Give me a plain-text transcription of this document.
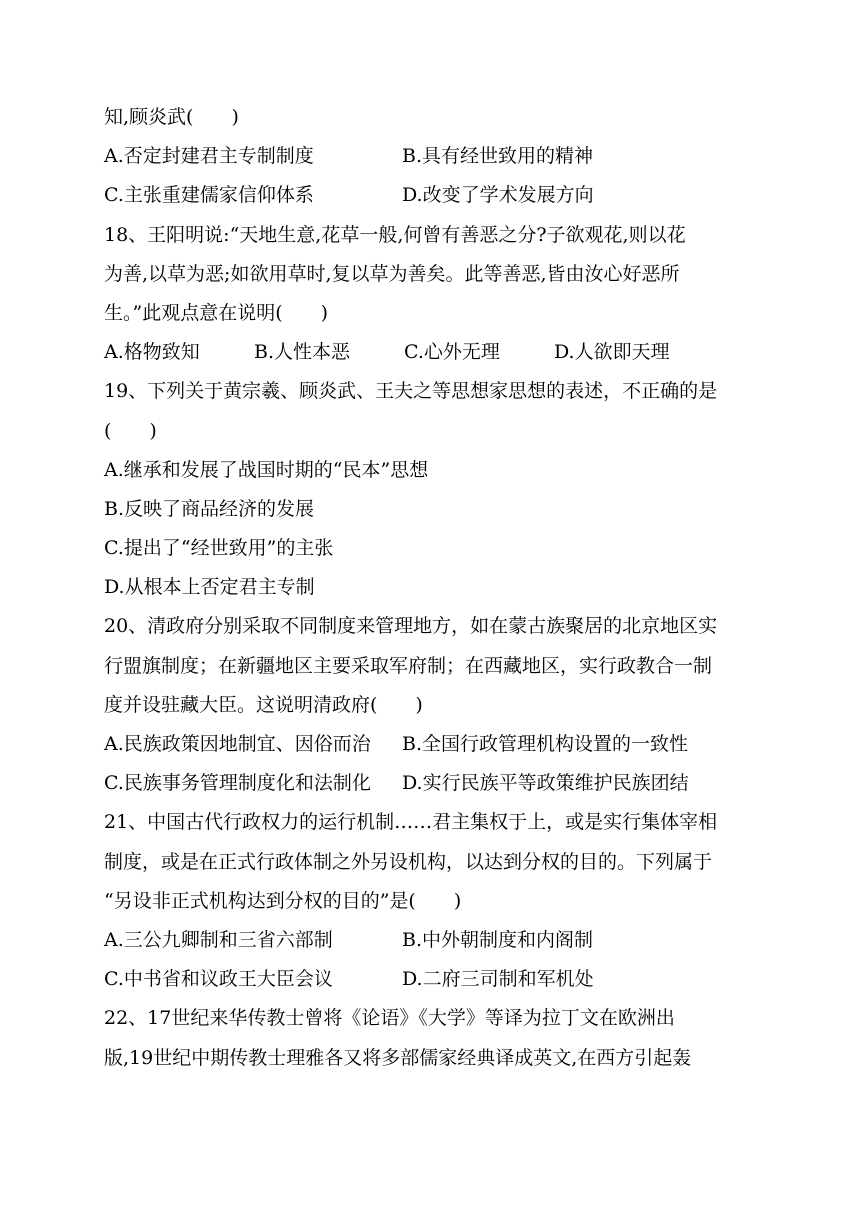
知,顾炎武(　　)
A.否定封建君主专制制度	B.具有经世致用的精神
C.主张重建儒家信仰体系	D.改变了学术发展方向
18、王阳明说:“天地生意,花草一般,何曾有善恶之分?子欲观花,则以花
为善,以草为恶;如欲用草时,复以草为善矣。此等善恶,皆由汝心好恶所
生。”此观点意在说明(　　)
A.格物致知	B.人性本恶	C.心外无理	D.人欲即天理
19、下列关于黄宗羲、顾炎武、王夫之等思想家思想的表述，不正确的是
(　　)
A.继承和发展了战国时期的“民本”思想
B.反映了商品经济的发展
C.提出了“经世致用”的主张
D.从根本上否定君主专制
20、清政府分别采取不同制度来管理地方，如在蒙古族聚居的北京地区实
行盟旗制度；在新疆地区主要采取军府制；在西藏地区，实行政教合一制
度并设驻藏大臣。这说明清政府(　　)
A.民族政策因地制宜、因俗而治	B.全国行政管理机构设置的一致性
C.民族事务管理制度化和法制化	D.实行民族平等政策维护民族团结
21、中国古代行政权力的运行机制……君主集权于上，或是实行集体宰相
制度，或是在正式行政体制之外另设机构，以达到分权的目的。下列属于
“另设非正式机构达到分权的目的”是(　　)
A.三公九卿制和三省六部制	B.中外朝制度和内阁制
C.中书省和议政王大臣会议	D.二府三司制和军机处
22、17世纪来华传教士曾将《论语》《大学》等译为拉丁文在欧洲出
版,19世纪中期传教士理雅各又将多部儒家经典译成英文,在西方引起轰
